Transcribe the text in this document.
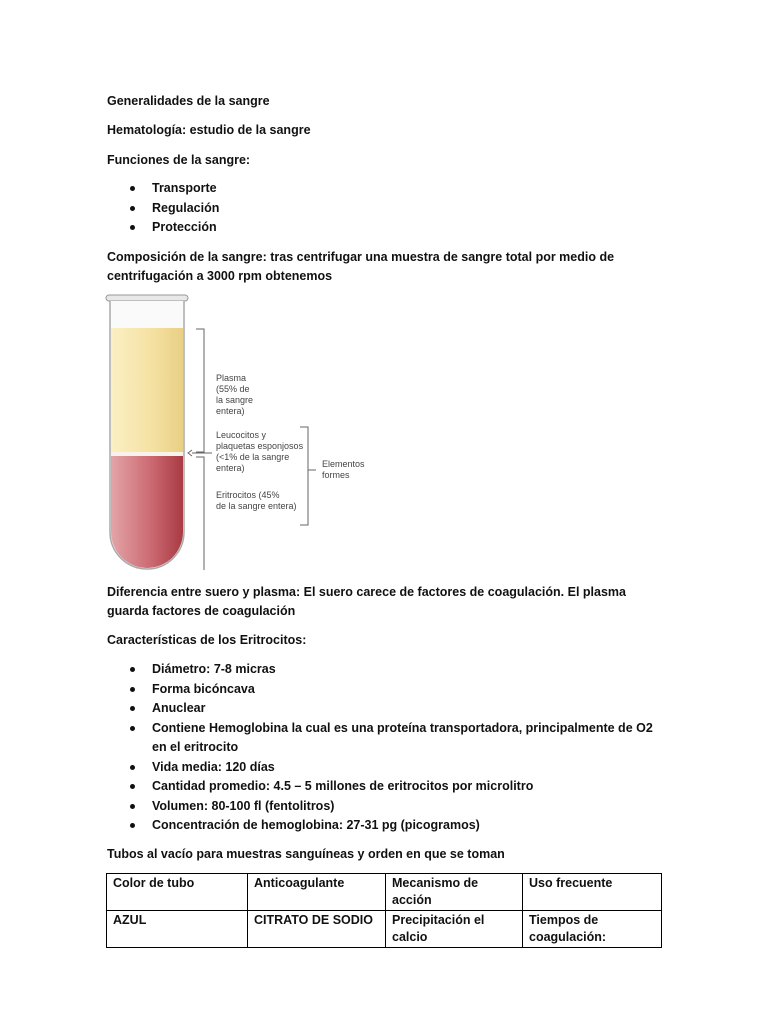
Generalidades de la sangre

Hematología: estudio de la sangre

Funciones de la sangre:

Transporte
Regulación
Protección

Composición de la sangre: tras centrifugar una muestra de sangre total por medio de centrifugación a 3000 rpm obtenemos

Plasma (55% de la sangre entera)
Leucocitos y plaquetas esponjosos (<1% de la sangre entera)
Eritrocitos (45% de la sangre entera)
Elementos formes

Diferencia entre suero y plasma: El suero carece de factores de coagulación. El plasma guarda factores de coagulación

Características de los Eritrocitos:

Diámetro: 7-8 micras
Forma bicóncava
Anuclear
Contiene Hemoglobina la cual es una proteína transportadora, principalmente de O2 en el eritrocito
Vida media: 120 días
Cantidad promedio: 4.5 – 5 millones de eritrocitos por microlitro
Volumen: 80-100 fl (fentolitros)
Concentración de hemoglobina: 27-31 pg (picogramos)

Tubos al vacío para muestras sanguíneas y orden en que se toman

Color de tubo	Anticoagulante	Mecanismo de acción	Uso frecuente
AZUL	CITRATO DE SODIO	Precipitación el calcio	Tiempos de coagulación:
